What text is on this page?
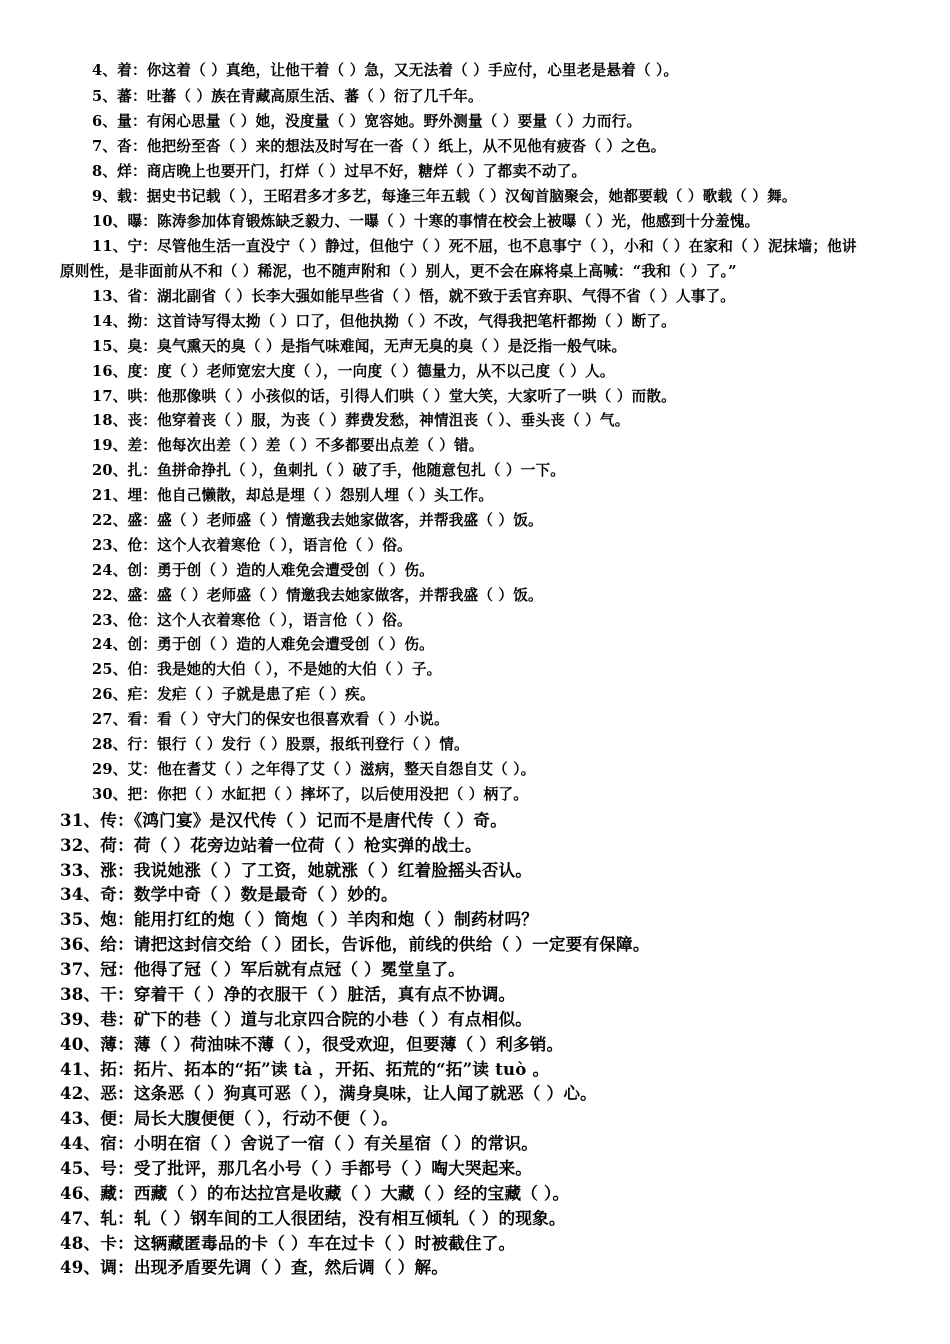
4、着：你这着（ ）真绝，让他干着（ ）急，又无法着（ ）手应付，心里老是悬着（ ）。
5、蕃：吐蕃（ ）族在青藏高原生活、蕃（ ）衍了几千年。
6、量：有闲心思量（ ）她，没度量（ ）宽容她。野外测量（ ）要量（ ）力而行。
7、沓：他把纷至沓（ ）来的想法及时写在一沓（ ）纸上，从不见他有疲沓（ ）之色。
8、烊：商店晚上也要开门，打烊（ ）过早不好，糖烊（ ）了都卖不动了。
9、载：据史书记载（ ），王昭君多才多艺，每逢三年五载（ ）汉匈首脑聚会，她都要载（ ）歌载（ ）舞。
10、曝：陈涛参加体育锻炼缺乏毅力、一曝（ ）十寒的事情在校会上被曝（ ）光，他感到十分羞愧。
11、宁：尽管他生活一直没宁（ ）静过，但他宁（ ）死不屈，也不息事宁（ ），小和（ ）在家和（ ）泥抹墙；他讲
原则性，是非面前从不和（ ）稀泥，也不随声附和（ ）别人，更不会在麻将桌上高喊：“我和（ ）了。”
13、省：湖北副省（ ）长李大强如能早些省（ ）悟，就不致于丢官弃职、气得不省（ ）人事了。
14、拗：这首诗写得太拗（ ）口了，但他执拗（ ）不改，气得我把笔杆都拗（ ）断了。
15、臭：臭气熏天的臭（ ）是指气味难闻，无声无臭的臭（ ）是泛指一般气味。
16、度：度（ ）老师宽宏大度（ ），一向度（ ）德量力，从不以己度（ ）人。
17、哄：他那像哄（ ）小孩似的话，引得人们哄（ ）堂大笑，大家听了一哄（ ）而散。
18、丧：他穿着丧（ ）服，为丧（ ）葬费发愁，神情沮丧（ ）、垂头丧（ ）气。
19、差：他每次出差（ ）差（ ）不多都要出点差（ ）错。
20、扎：鱼拼命挣扎（ ），鱼刺扎（ ）破了手，他随意包扎（ ）一下。
21、埋：他自己懒散，却总是埋（ ）怨别人埋（ ）头工作。
22、盛：盛（ ）老师盛（ ）情邀我去她家做客，并帮我盛（ ）饭。
23、伧：这个人衣着寒伧（ ），语言伧（ ）俗。
24、创：勇于创（ ）造的人难免会遭受创（ ）伤。
22、盛：盛（ ）老师盛（ ）情邀我去她家做客，并帮我盛（ ）饭。
23、伧：这个人衣着寒伧（ ），语言伧（ ）俗。
24、创：勇于创（ ）造的人难免会遭受创（ ）伤。
25、伯：我是她的大伯（ ），不是她的大伯（ ）子。
26、疟：发疟（ ）子就是患了疟（ ）疾。
27、看：看（ ）守大门的保安也很喜欢看（ ）小说。
28、行：银行（ ）发行（ ）股票，报纸刊登行（ ）情。
29、艾：他在耆艾（ ）之年得了艾（ ）滋病，整天自怨自艾（ ）。
30、把：你把（ ）水缸把（ ）摔坏了，以后使用没把（ ）柄了。
31、传：《鸿门宴》是汉代传（ ）记而不是唐代传（ ）奇。
32、荷：荷（ ）花旁边站着一位荷（ ）枪实弹的战士。
33、涨：我说她涨（ ）了工资，她就涨（ ）红着脸摇头否认。
34、奇：数学中奇（ ）数是最奇（ ）妙的。
35、炮：能用打红的炮（ ）筒炮（ ）羊肉和炮（ ）制药材吗？
36、给：请把这封信交给（ ）团长，告诉他，前线的供给（ ）一定要有保障。
37、冠：他得了冠（ ）军后就有点冠（ ）冕堂皇了。
38、干：穿着干（ ）净的衣服干（ ）脏活，真有点不协调。
39、巷：矿下的巷（ ）道与北京四合院的小巷（ ）有点相似。
40、薄：薄（ ）荷油味不薄（ ），很受欢迎，但要薄（ ）利多销。
41、拓：拓片、拓本的“拓”读 tà ，开拓、拓荒的“拓”读 tuò 。
42、恶：这条恶（ ）狗真可恶（ ），满身臭味，让人闻了就恶（ ）心。
43、便：局长大腹便便（ ），行动不便（ ）。
44、宿：小明在宿（ ）舍说了一宿（ ）有关星宿（ ）的常识。
45、号：受了批评，那几名小号（ ）手都号（ ）啕大哭起来。
46、藏：西藏（ ）的布达拉宫是收藏（ ）大藏（ ）经的宝藏（ ）。
47、轧：轧（ ）钢车间的工人很团结，没有相互倾轧（ ）的现象。
48、卡：这辆藏匿毒品的卡（ ）车在过卡（ ）时被截住了。
49、调：出现矛盾要先调（ ）查，然后调（ ）解。
